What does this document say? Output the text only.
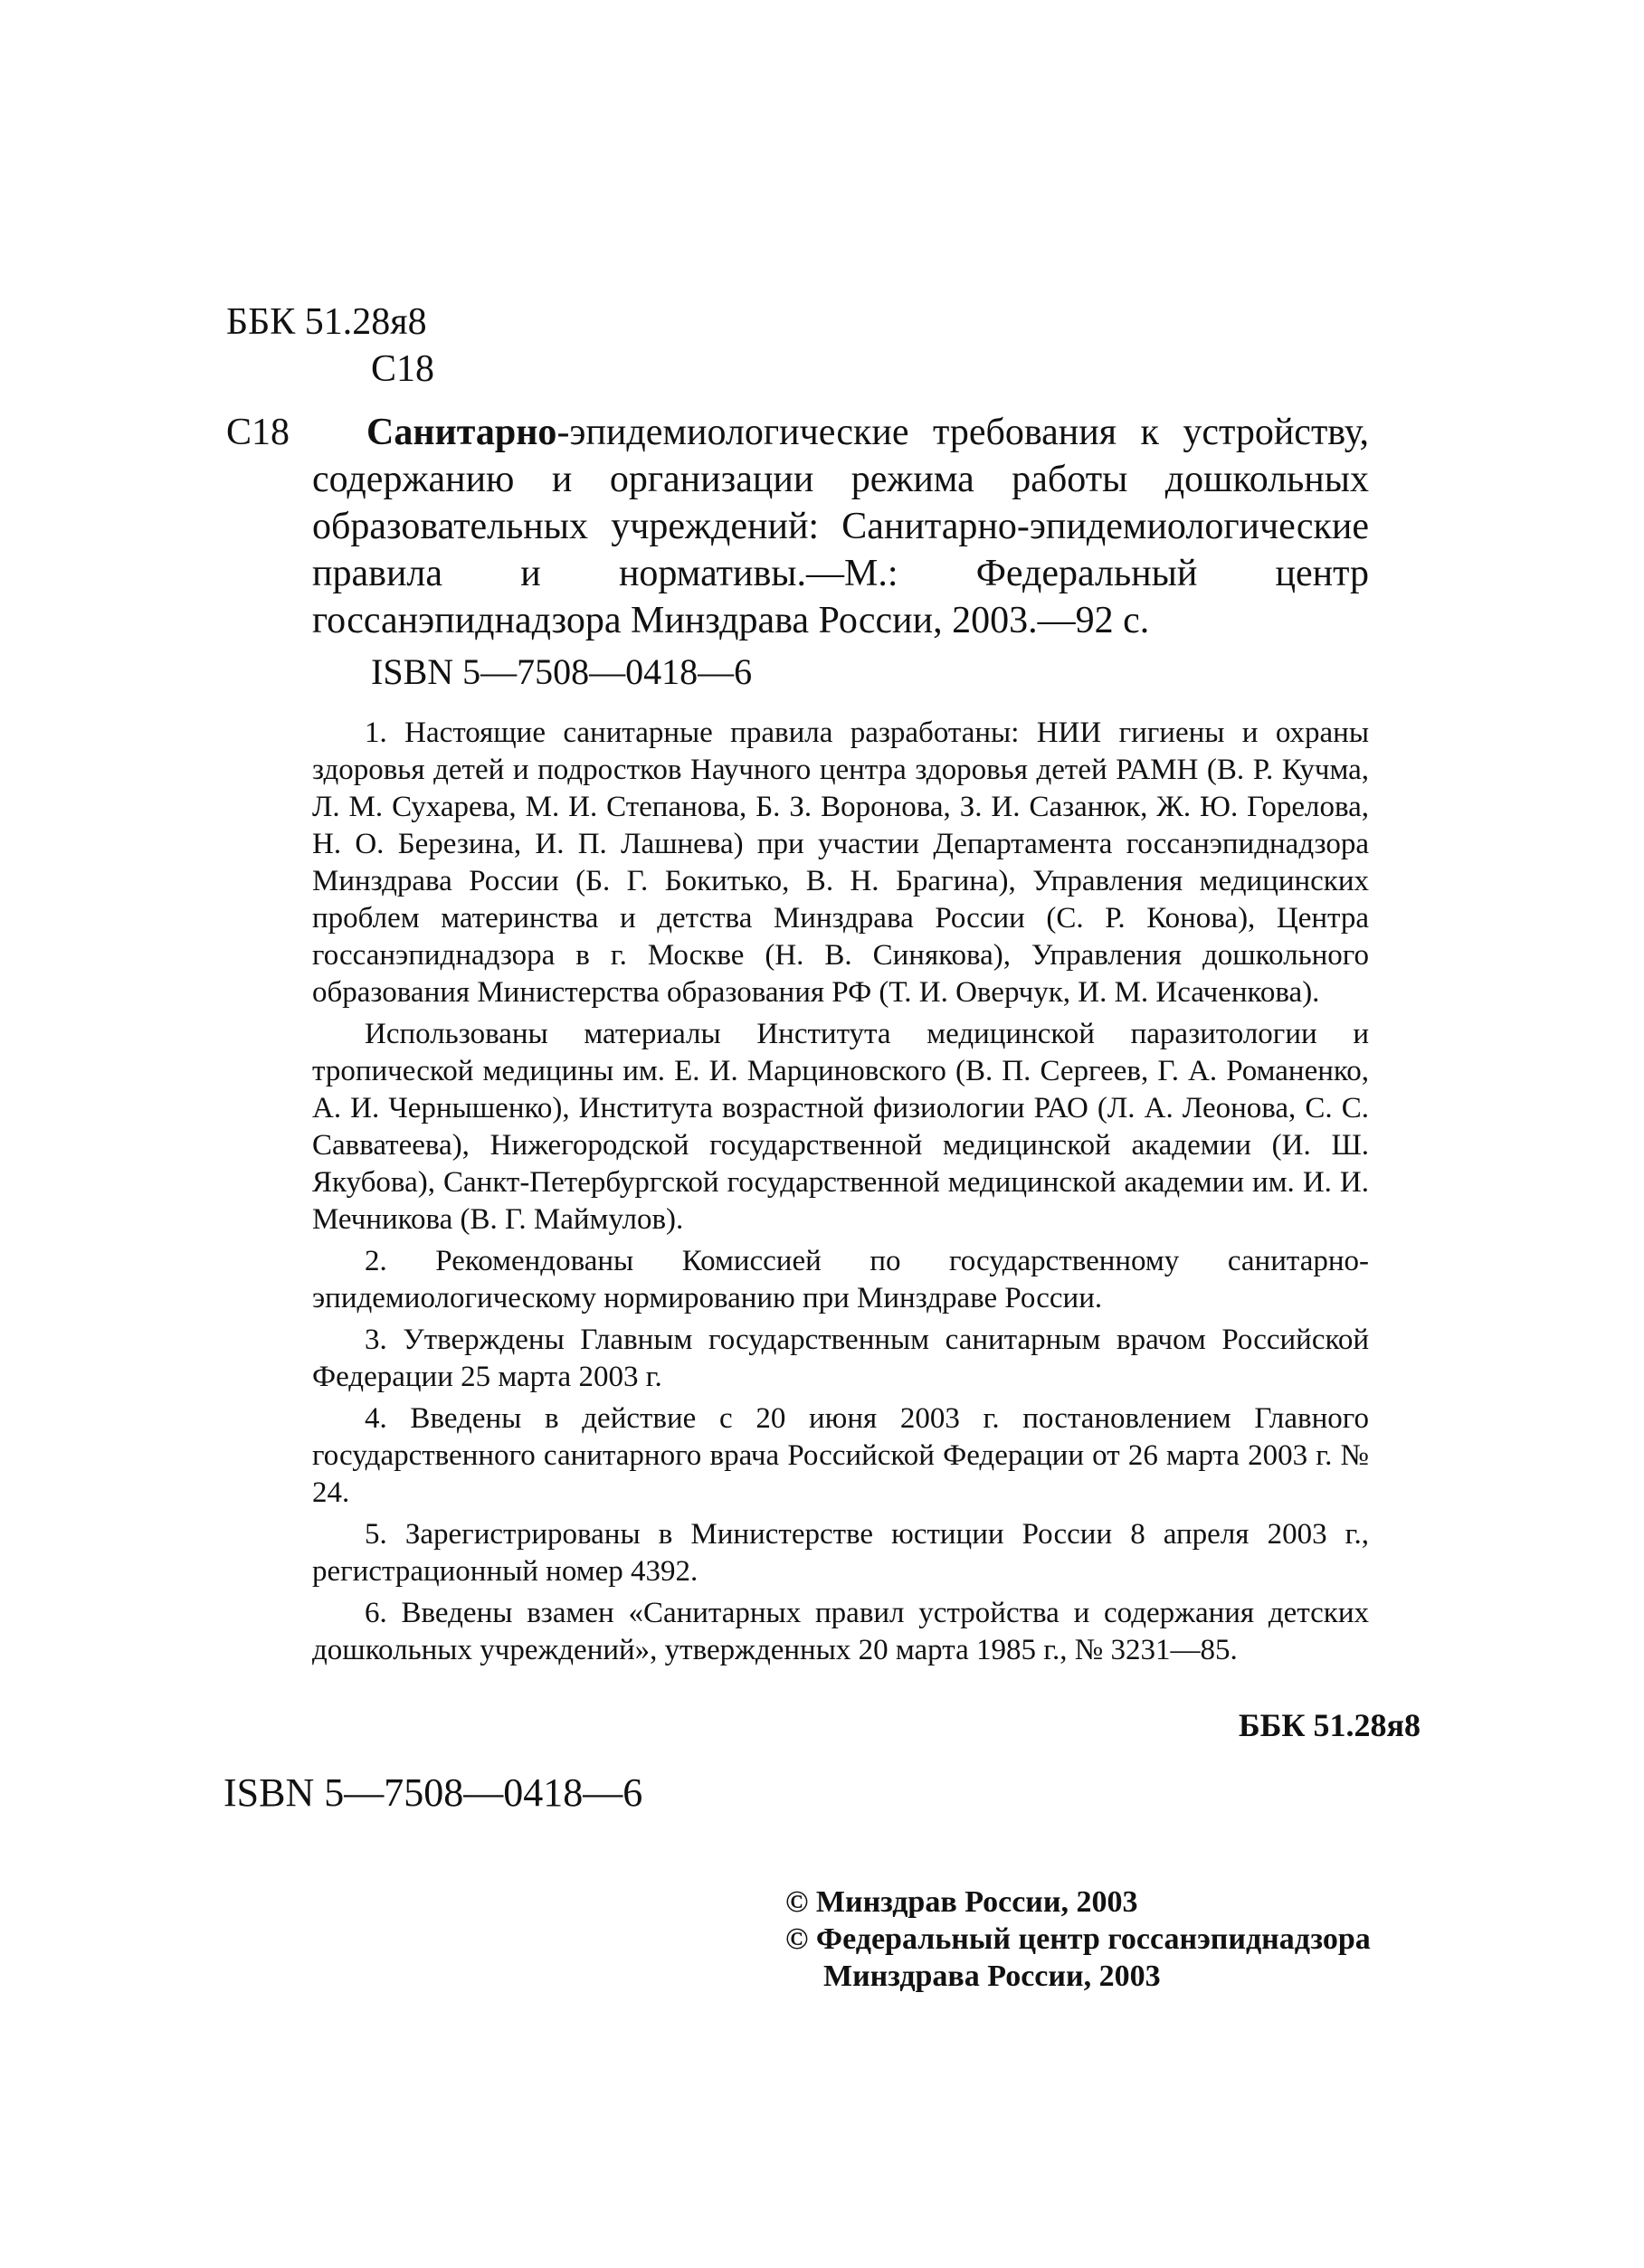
ББК 51.28я8
С18
С18	Санитарно-эпидемиологические требования к устройству, содержанию и организации режима работы дошкольных образовательных учреждений: Санитарно-эпидемиологические правила и нормативы.—М.: Федеральный центр госсанэпиднадзора Минздрава России, 2003.—92 с.
ISBN 5—7508—0418—6

1. Настоящие санитарные правила разработаны: НИИ гигиены и охраны здоровья детей и подростков Научного центра здоровья детей РАМН (В. Р. Кучма, Л. М. Сухарева, М. И. Степанова, Б. З. Воронова, З. И. Сазанюк, Ж. Ю. Горелова, Н. О. Березина, И. П. Лашнева) при участии Департамента госсанэпиднадзора Минздрава России (Б. Г. Бокитько, В. Н. Брагина), Управления медицинских проблем материнства и детства Минздрава России (С. Р. Конова), Центра госсанэпиднадзора в г. Москве (Н. В. Синякова), Управления дошкольного образования Министерства образования РФ (Т. И. Оверчук, И. М. Исаченкова).

Использованы материалы Института медицинской паразитологии и тропической медицины им. Е. И. Марциновского (В. П. Сергеев, Г. А. Романенко, А. И. Чернышенко), Института возрастной физиологии РАО (Л. А. Леонова, С. С. Савватеева), Нижегородской государственной медицинской академии (И. Ш. Якубова), Санкт-Петербургской государственной медицинской академии им. И. И. Мечникова (В. Г. Маймулов).

2. Рекомендованы Комиссией по государственному санитарно-эпидемиологическому нормированию при Минздраве России.

3. Утверждены Главным государственным санитарным врачом Российской Федерации 25 марта 2003 г.

4. Введены в действие с 20 июня 2003 г. постановлением Главного государственного санитарного врача Российской Федерации от 26 марта 2003 г. № 24.

5. Зарегистрированы в Министерстве юстиции России 8 апреля 2003 г., регистрационный номер 4392.

6. Введены взамен «Санитарных правил устройства и содержания детских дошкольных учреждений», утвержденных 20 марта 1985 г., № 3231—85.

ББК 51.28я8
ISBN 5—7508—0418—6
© Минздрав России, 2003
© Федеральный центр госсанэпиднадзора
Минздрава России, 2003
